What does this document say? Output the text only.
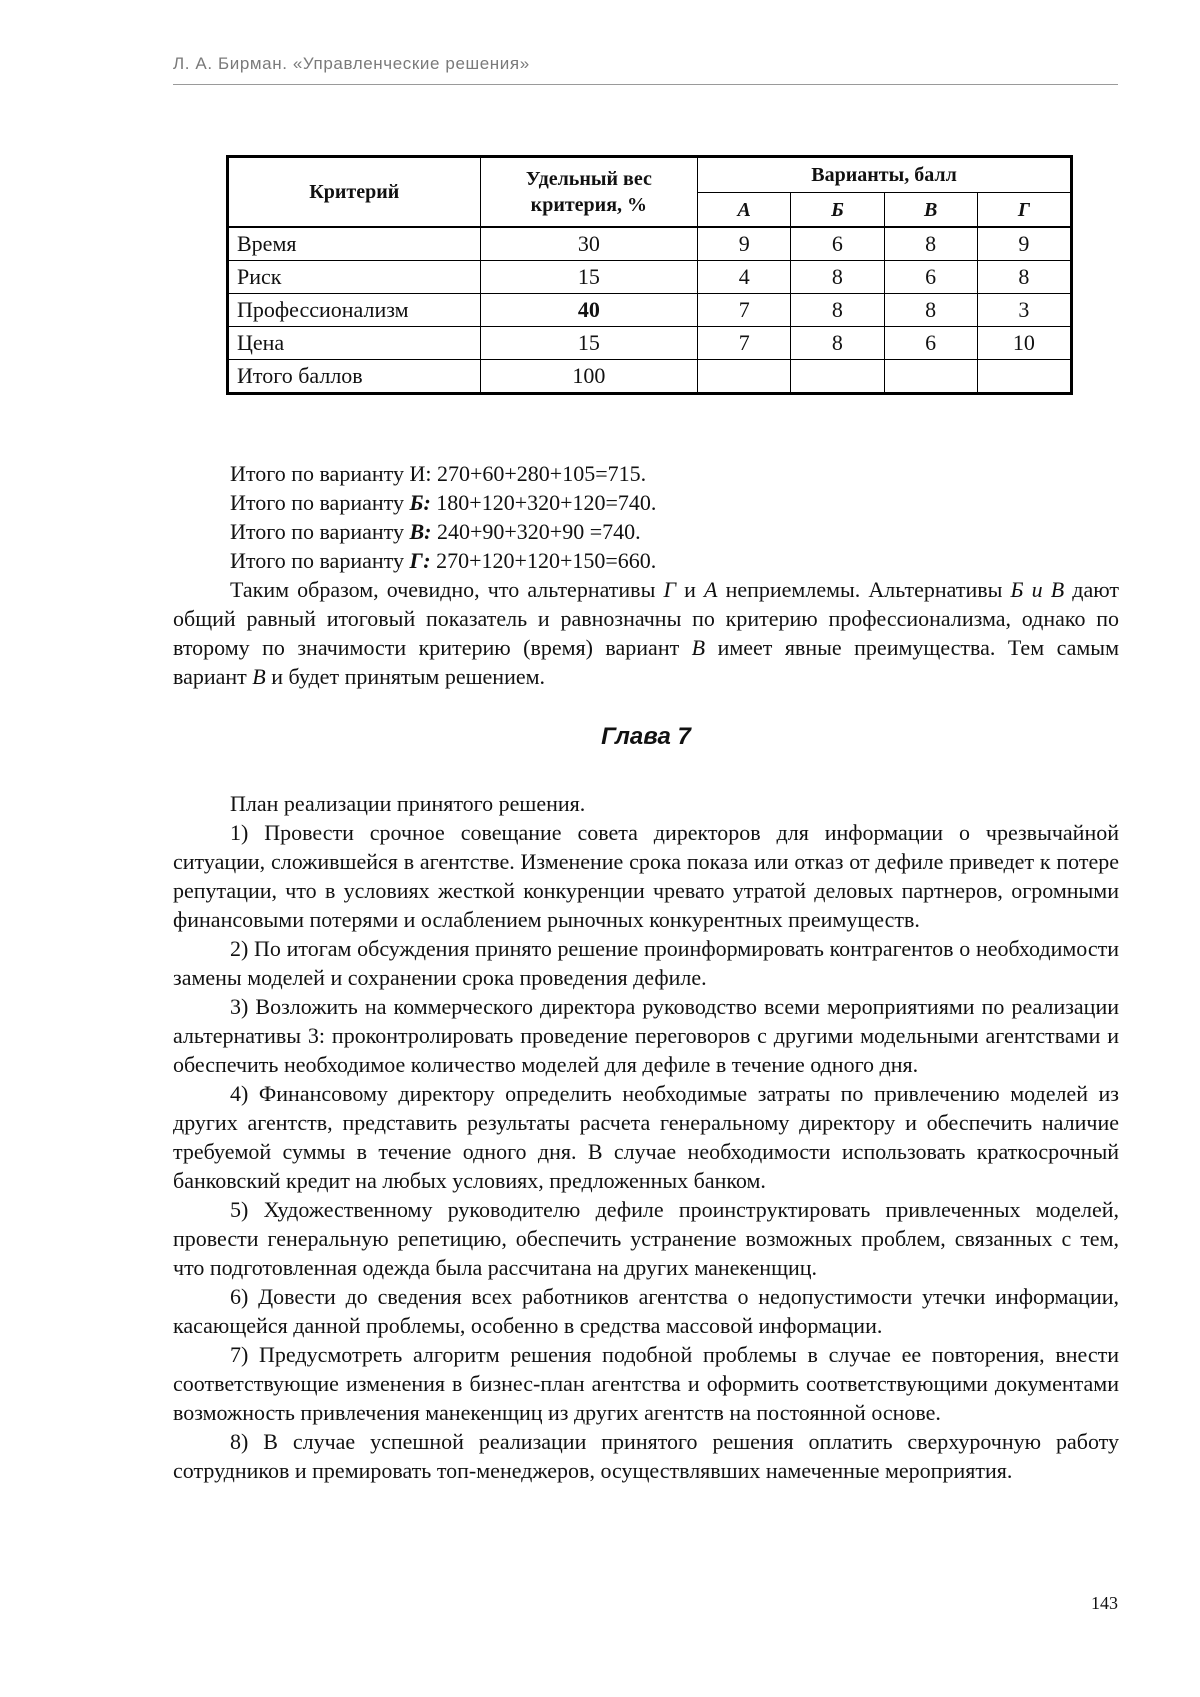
Л. А. Бирман. «Управленческие решения»
Критерий	Удельный вес критерия, %	Варианты, балл			
		А	Б	В	Г
Время	30	9	6	8	9
Риск	15	4	8	6	8
Профессионализм	40	7	8	8	3
Цена	15	7	8	6	10
Итого баллов	100				

Итого по варианту И: 270+60+280+105=715.

Итого по варианту Б: 180+120+320+120=740.

Итого по варианту В: 240+90+320+90 =740.

Итого по варианту Г: 270+120+120+150=660.

Таким образом, очевидно, что альтернативы Г и А неприемлемы. Альтернативы Б и В дают общий равный итоговый показатель и равнозначны по критерию профессионализма, однако по второму по значимости критерию (время) вариант В имеет явные преимущества. Тем самым вариант В и будет принятым решением.

Глава 7

План реализации принятого решения.

1) Провести срочное совещание совета директоров для информации о чрезвычайной ситуации, сложившейся в агентстве. Изменение срока показа или отказ от дефиле приведет к потере репутации, что в условиях жесткой конкуренции чревато утратой деловых партнеров, огромными финансовыми потерями и ослаблением рыночных конкурентных преимуществ.

2) По итогам обсуждения принято решение проинформировать контрагентов о необходимости замены моделей и сохранении срока проведения дефиле.

3) Возложить на коммерческого директора руководство всеми мероприятиями по реализации альтернативы 3: проконтролировать проведение переговоров с другими модельными агентствами и обеспечить необходимое количество моделей для дефиле в течение одного дня.

4) Финансовому директору определить необходимые затраты по привлечению моделей из других агентств, представить результаты расчета генеральному директору и обеспечить наличие требуемой суммы в течение одного дня. В случае необходимости использовать краткосрочный банковский кредит на любых условиях, предложенных банком.

5) Художественному руководителю дефиле проинструктировать привлеченных моделей, провести генеральную репетицию, обеспечить устранение возможных проблем, связанных с тем, что подготовленная одежда была рассчитана на других манекенщиц.

6) Довести до сведения всех работников агентства о недопустимости утечки информации, касающейся данной проблемы, особенно в средства массовой информации.

7) Предусмотреть алгоритм решения подобной проблемы в случае ее повторения, внести соответствующие изменения в бизнес-план агентства и оформить соответствующими документами возможность привлечения манекенщиц из других агентств на постоянной основе.

8) В случае успешной реализации принятого решения оплатить сверхурочную работу сотрудников и премировать топ-менеджеров, осуществлявших намеченные мероприятия.

143
